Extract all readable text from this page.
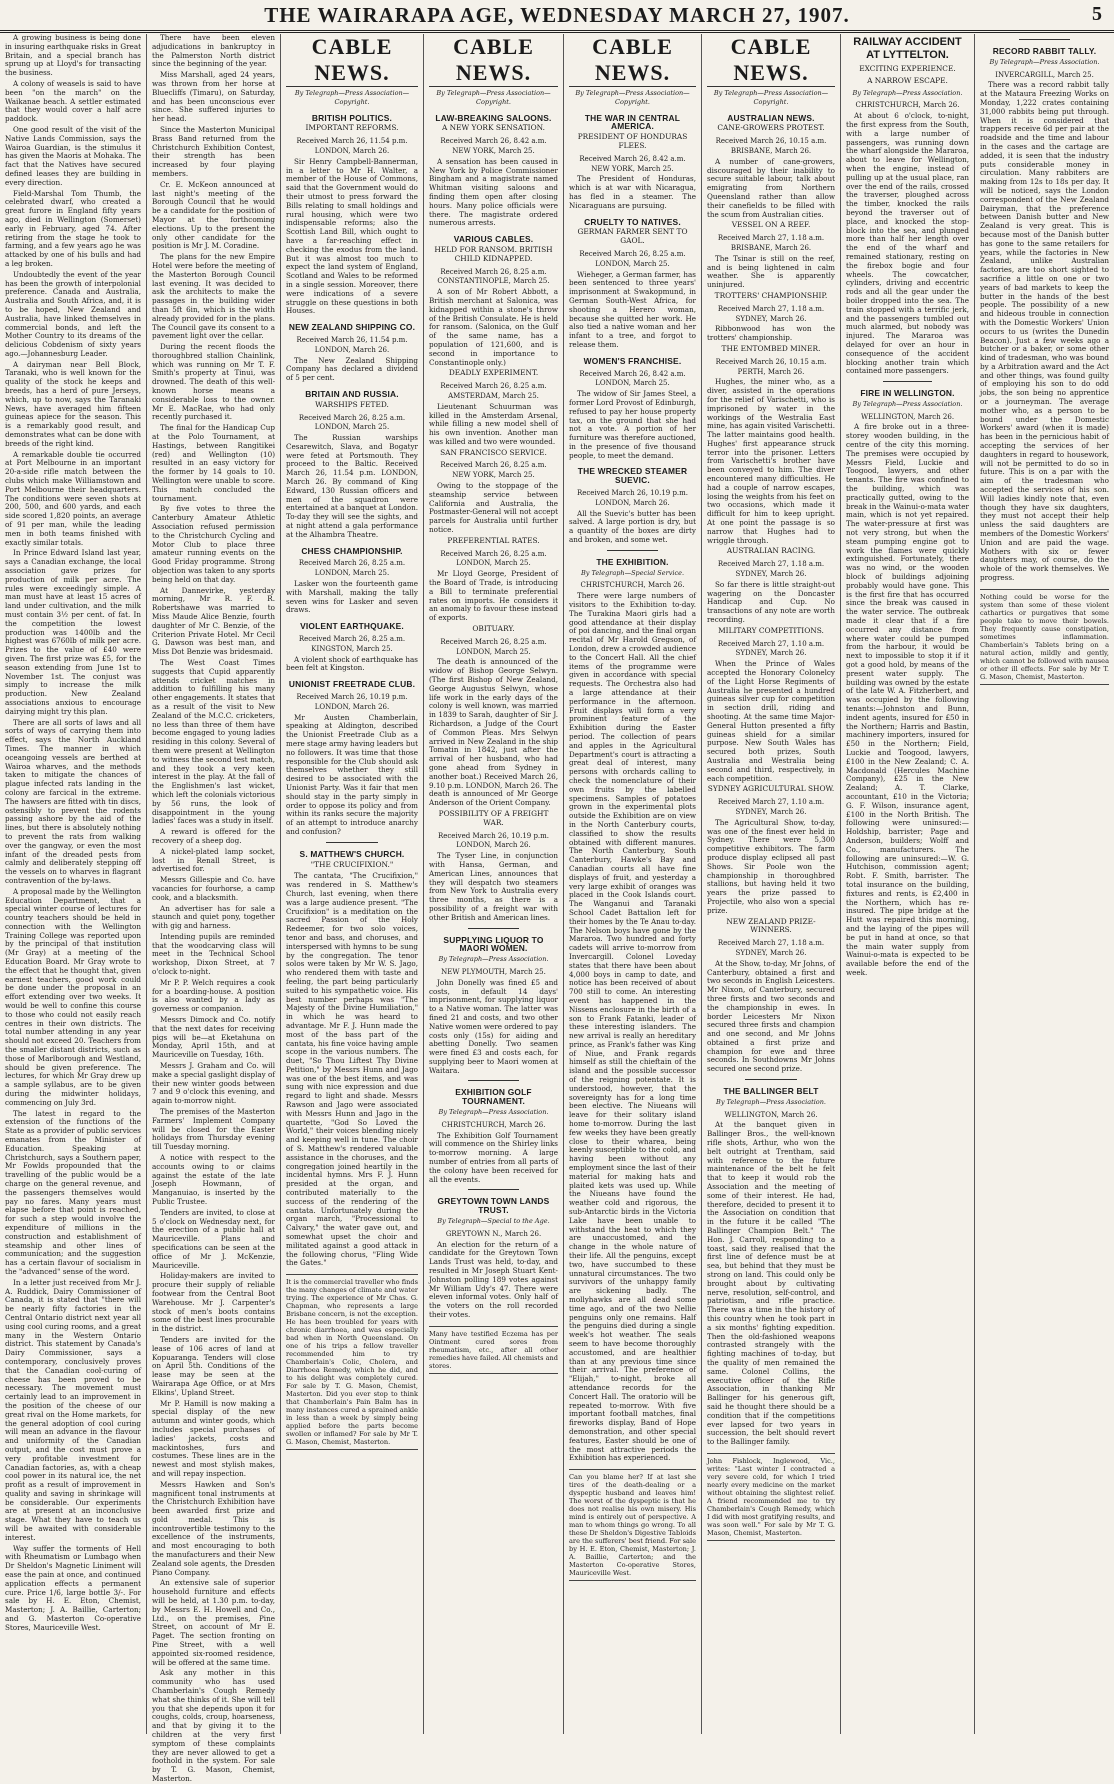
THE WAIRARAPA AGE, WEDNESDAY MARCH 27, 1907.	5

A growing business is being done in insuring earthquake risks in Great Britain, and a special branch has sprung up at Lloyd's for transacting the business.

A colony of weasels is said to have been "on the march" on the Waikanae beach. A settler estimated that they would cover a half acre paddock.

One good result of the visit of the Native Lands Commission, says the Wairoa Guardian, is the stimulus it has given the Maoris at Mohaka. The fact that the Natives have secured defined leases they are building in every direction.

Field-Marshal Tom Thumb, the celebrated dwarf, who created a great furore in England fifty years ago, died in Wellington (Somerset) early in February, aged 74. After retiring from the stage he took to farming, and a few years ago he was attacked by one of his bulls and had a leg broken.

Undoubtedly the event of the year has been the growth of interpolonial preference. Canada and Australia, Australia and South Africa, and, it is to be hoped, New Zealand and Australia, have linked themselves in commercial bonds, and left the Mother Country to its dreams of the delicious Cobdenism of sixty years ago.—Johannesburg Leader.

A dairyman near Bell Block, Taranaki, who is well known for the quality of the stock he keeps and breeds, has a herd of pure Jerseys, which, up to now, says the Taranaki News, have averaged him fifteen guineas apiece for the season. This is a remarkably good result, and demonstrates what can be done with breeds of the right kind.

A remarkable double tie occurred at Port Melbourne in an important 20-a-side rifle match between the clubs which make Williamstown and Port Melbourne their headquarters. The conditions were seven shots at 200, 500, and 600 yards, and each side scored 1,820 points, an average of 91 per man, while the leading men in both teams finished with exactly similar totals.

In Prince Edward Island last year, says a Canadian exchange, the local association gave prizes for production of milk per acre. The rules were exceedingly simple. A man must have at least 15 acres of land under cultivation, and the milk must contain 3½ per cent. of fat. In the competition the lowest production was 1400lb and the highest was 6760lb of milk per acre. Prizes to the value of £40 were given. The first prize was £5, for the season extending from June 1st to November 1st. The conjust was simply to increase the milk production. New Zealand associations anxious to encourage dairying might try this plan.

There are all sorts of laws and all sorts of ways of carrying them into effect, says the North Auckland Times. The manner in which oceangoing vessels are berthed at Wairoa wharves, and the methods taken to mitigate the chances of plague infected rats landing in the colony are farcical in the extreme. The hawsers are fitted with tin discs, ostensibly to prevent the rodents passing ashore by the aid of the lines, but there is absolutely nothing to prevent the rats from walking over the gangway, or even the most infant of the dreaded pests from calmly and deliberately stepping off the vessels on to wharves in flagrant contravention of the by-laws.

A proposal made by the Wellington Education Department, that a special winter course of lectures for country teachers should be held in connection with the Wellington Training College was reported upon by the principal of that institution (Mr Gray) at a meeting of the Education Board. Mr Gray wrote to the effect that he thought that, given earnest teachers, good work could be done under the proposal in an effort extending over two weeks. It would be well to confine this course to those who could not easily reach centres in their own districts. The total number attending in any year should not exceed 20. Teachers from the smaller distant districts, such as those of Marlborough and Westland, should be given preference. The lectures, for which Mr Gray drew up a sample syllabus, are to be given during the midwinter holidays, commencing on July 3rd.

The latest in regard to the extension of the functions of the State as a provider of public services emanates from the Minister of Education. Speaking at Christchurch, says a Southern paper, Mr Fowlds propounded that the travelling of the public would be a charge on the general revenue, and the passengers themselves would pay no fares. Many years must elapse before that point is reached, for such a step would involve the expenditure of millions in the construction and establishment of steamship and other lines of communication; and the suggestion has a certain flavour of socialism in the "advanced" sense of the word.

In a letter just received from Mr J. A. Ruddick, Dairy Commissioner of Canada, it is stated that "there will be nearly fifty factories in the Central Ontario district next year all using cool curing rooms, and a great many in the Western Ontario district. This statement by Canada's Dairy Commissioner, says a contemporary, conclusively proves that the Canadian cool-curing of cheese has been proved to be necessary. The movement must certainly lead to an improvement in the position of the cheese of our great rival on the Home markets, for the general adoption of cool curing will mean an advance in the flavour and uniformity of the Canadian output, and the cost must prove a very profitable investment for Canadian factories, as, with a cheap cool power in its natural ice, the net profit as a result of improvement in quality and saving in shrinkage will be considerable. Our experiments are at present at an inconclusive stage. What they have to teach us will be awaited with considerable interest.

Way suffer the torments of Hell with Rheumatism or Lumbago when Dr Sheldon's Magnetic Liniment will ease the pain at once, and continued application effects a permanent cure. Price 1/6, large bottle 3/-. For sale by H. E. Eton, Chemist, Masterton; J. A. Baillie, Carterton; and G. Masterton Co-operative Stores, Mauriceville West.

There have been eleven adjudications in bankruptcy in the Palmerston North district since the beginning of the year.

Miss Marshall, aged 24 years, was thrown from her horse at Bluecliffs (Timaru), on Saturday, and has been unconscious ever since. She suffered injuries to her head.

Since the Masterton Municipal Brass Band returned from the Christchurch Exhibition Contest, their strength has been increased by four playing members.

Cr. E. McKeon announced at last night's meeting of the Borough Council that he would be a candidate for the position of Mayor at the forthcoming elections. Up to the present the only other candidate for the position is Mr J. M. Coradine.

The plans for the new Empire Hotel were before the meeting of the Masterton Borough Council last evening. It was decided to ask the architects to make the passages in the building wider than 5ft 6in, which is the width already provided for in the plans. The Council gave its consent to a pavement light over the cellar.

During the recent floods the thoroughbred stallion Chainlink, which was running on Mr T. F. Smith's property at Tinui, was drowned. The death of this well-known horse means a considerable loss to the owner. Mr E. MacRae, who had only recently purchased it.

The final for the Handicap Cup at the Polo Tournament, at Hastings, between Rangitikei (red) and Wellington (10) resulted in an easy victory for the former by 14 goals to 10. Wellington were unable to score. This match concluded the tournament.

By five votes to three the Canterbury Amateur Athletic Association refused permission to the Christchurch Cycling and Motor Club to place three amateur running events on the Good Friday programme. Strong objection was taken to any sports being held on that day.

At Dannevirke, yesterday morning, Mr R. F. R. Robertshawe was married to Miss Maude Alice Benzie, fourth daughter of Mr C. Benzie, of the Criterion Private Hotel. Mr Cecil G. Dawson was best man, and Miss Dot Benzie was bridesmaid.

The West Coast Times suggests that Cupid apparently attends cricket matches in addition to fulfilling his many other engagements. It states that as a result of the visit to New Zealand of the M.C.C. cricketers, no less than three of them have become engaged to young ladies residing in this colony. Several of them were present at Wellington to witness the second test match, and they took a very keen interest in the play. At the fall of the Englishmen's last wicket, which left the colonials victorious by 56 runs, the look of disappointment in the young ladies' faces was a study in itself.

A reward is offered for the recovery of a sheep dog.

A nickel-plated lamp socket, lost in Renall Street, is advertised for.

Messrs Gillespie and Co. have vacancies for fourhorse, a camp cook, and a blacksmith.

An advertiser has for sale a staunch and quiet pony, together with gig and harness.

Intending pupils are reminded that the woodcarving class will meet in the Technical School workshop, Dixon Street, at 7 o'clock to-night.

Mr P. P. Welch requires a cook for a boarding-house. A position is also wanted by a lady as governess or companion.

Messrs Dimock and Co. notify that the next dates for receiving pigs will be—at Eketahuna on Monday, April 15th, and at Mauriceville on Tuesday, 16th.

Messrs J. Graham and Co. will make a special gaslight display of their new winter goods between 7 and 9 o'clock this evening, and again to-morrow night.

The premises of the Masterton Farmers' Implement Company will be closed for the Easter holidays from Thursday evening till Tuesday morning.

A notice with respect to the accounts owing to or claims against the estate of the late Joseph Howmann, of Manganuiao, is inserted by the Public Trustee.

Tenders are invited, to close at 5 o'clock on Wednesday next, for the erection of a public hall at Mauriceville. Plans and specifications can be seen at the office of Mr J. McKenzie, Mauriceville.

Holiday-makers are invited to procure their supply of reliable footwear from the Central Boot Warehouse. Mr J. Carpenter's stock of men's boots contains some of the best lines procurable in the district.

Tenders are invited for the lease of 106 acres of land at Kopuaranga. Tenders will close on April 5th. Conditions of the lease may be seen at the Wairarapa Age Office, or at Mrs Elkins', Upland Street.

Mr P. Hamill is now making a special display of the new autumn and winter goods, which includes special purchases of ladies' jackets, costs and mackintoshes, furs and costumes. These lines are in the newest and most stylish makes, and will repay inspection.

Messrs Hawken and Son's magnificent tonal instruments at the Christchurch Exhibition have been awarded first prize and gold medal. This is incontrovertible testimony to the excellence of the instruments, and most encouraging to both the manufacturers and their New Zealand sole agents, the Dresden Piano Company.

An extensive sale of superior household furniture and effects will be held, at 1.30 p.m. to-day, by Messrs E. H. Howell and Co., Ltd., on the premises, Pine Street, on account of Mr E. Paget. The section fronting on Pine Street, with a well appointed six-roomed residence, will be offered at the same time.

Ask any mother in this community who has used Chamberlain's Cough Remedy what she thinks of it. She will tell you that she depends upon it for coughs, colds, croup, hoarseness, and that by giving it to the children at the very first symptom of these complaints they are never allowed to get a foothold in the system. For sale by T. G. Mason, Chemist, Masterton.

CABLE NEWS.
By Telegraph—Press Association—Copyright.
BRITISH POLITICS.
IMPORTANT REFORMS.
Received March 26, 11.54 p.m.
LONDON, March 26.

Sir Henry Campbell-Bannerman, in a letter to Mr H. Walter, a member of the House of Commons, said that the Government would do their utmost to press forward the Bills relating to small holdings and rural housing, which were two indispensable reforms; also the Scottish Land Bill, which ought to have a far-reaching effect in checking the exodus from the land. But it was almost too much to expect the land system of England, Scotland and Wales to be reformed in a single session. Moreover, there were indications of a severe struggle on these questions in both Houses.

NEW ZEALAND SHIPPING CO.
Received March 26, 11.54 p.m.
LONDON, March 26.

The New Zealand Shipping Company has declared a dividend of 5 per cent.

BRITAIN AND RUSSIA.
WARSHIPS FETED.
Received March 26, 8.25 a.m.
LONDON, March 25.

The Russian warships Cesarewitch, Slava, and Bogatyr were feted at Portsmouth. They proceed to the Baltic. Received March 26, 11.54 p.m. LONDON, March 26. By command of King Edward, 130 Russian officers and men of the squadron were entertained at a banquet at London. To-day they will see the sights, and at night attend a gala performance at the Alhambra Theatre.

CHESS CHAMPIONSHIP.
Received March 26, 8.25 a.m.
LONDON, March 25.

Lasker won the fourteenth game with Marshall, making the tally seven wins for Lasker and seven draws.

VIOLENT EARTHQUAKE.
Received March 26, 8.25 a.m.
KINGSTON, March 25.

A violent shock of earthquake has been felt at Kingston.

UNIONIST FREETRADE CLUB.
Received March 26, 10.19 p.m.
LONDON, March 26.

Mr Austen Chamberlain, speaking at Aldington, described the Unionist Freetrade Club as a mere stage army having leaders but no followers. It was time that those responsible for the Club should ask themselves whether they still desired to be associated with the Unionist Party. Was it fair that men should stay in the party simply in order to oppose its policy and from within its ranks secure the majority of an attempt to introduce anarchy and confusion?

S. MATTHEW'S CHURCH.
"THE CRUCIFIXION."

The cantata, "The Crucifixion," was rendered in S. Matthew's Church, last evening, when there was a large audience present. "The Crucifixion" is a meditation on the sacred Passion of the Holy Redeemer, for two solo voices, tenor and bass, and choruses, and interspersed with hymns to be sung by the congregation. The tenor solos were taken by Mr W. S. Jago, who rendered them with taste and feeling, the part being particularly suited to his sympathetic voice. His best number perhaps was "The Majesty of the Divine Humiliation," in which he was heard to advantage. Mr F. J. Hunn made the most of the bass part of the cantata, his fine voice having ample scope in the various numbers. The duet, "So Thou Liftest Thy Divine Petition," by Messrs Hunn and Jago was one of the best items, and was sung with nice expression and due regard to light and shade. Messrs Rawson and Jago were associated with Messrs Hunn and Jago in the quartette, "God So Loved the World," their voices blending nicely and keeping well in tune. The choir of S. Matthew's rendered valuable assistance in the choruses, and the congregation joined heartily in the incidental hymns. Mrs F. J. Hunn presided at the organ, and contributed materially to the success of the rendering of the cantata. Unfortunately during the organ march, "Processional to Calvary," the water gave out, and somewhat upset the choir and militated against a good attack in the following chorus, "Fling Wide the Gates."

It is the commercial traveller who finds the many changes of climate and water trying. The experience of Mr Chas. G. Chapman, who represents a large Brisbane concern, is not the exception. He has been troubled for years with chronic diarrhoea, and was especially bad when in North Queensland. On one of his trips a fellow traveller recommended him to try Chamberlain's Colic, Cholera, and Diarrhoea Remedy, which he did, and to his delight was completely cured. For sale by T. G. Mason, Chemist, Masterton. Did you ever stop to think that Chamberlain's Pain Balm has in many instances cured a sprained ankle in less than a week by simply being applied before the parts become swollen or inflamed? For sale by Mr T. G. Mason, Chemist, Masterton.
CABLE NEWS.
By Telegraph—Press Association—Copyright.
LAW-BREAKING SALOONS.
A NEW YORK SENSATION.
Received March 26, 8.42 a.m.
NEW YORK, March 25.

A sensation has been caused in New York by Police Commissioner Bingham and a magistrate named Whitman visiting saloons and finding them open after closing hours. Many police officials were there. The magistrate ordered numerous arrests.

VARIOUS CABLES.
HELD FOR RANSOM. BRITISH CHILD KIDNAPPED.
Received March 26, 8.25 a.m.
CONSTANTINOPLE, March 25.

A son of Mr Robert Abbott, a British merchant at Salonica, was kidnapped within a stone's throw of the British Consulate. He is held for ransom. (Salonica, on the Gulf of the same name, has a population of 121,600, and is second in importance to Constantinople only.)

DEADLY EXPERIMENT.
Received March 26, 8.25 a.m.
AMSTERDAM, March 25.

Lieutenant Schuurman was killed in the Amsterdam Arsenal, while filling a new model shell of his own invention. Another man was killed and two were wounded.

SAN FRANCISCO SERVICE.
Received March 26, 8.25 a.m.
NEW YORK, March 25.

Owing to the stoppage of the steamship service between California and Australia, the Postmaster-General will not accept parcels for Australia until further notice.

PREFERENTIAL RATES.
Received March 26, 8.25 a.m.
LONDON, March 25.

Mr Lloyd George, President of the Board of Trade, is introducing a Bill to terminate preferential rates on imports. He considers it an anomaly to favour these instead of exports.

OBITUARY.
Received March 26, 8.25 a.m.
LONDON, March 25.

The death is announced of the widow of Bishop George Selwyn. (The first Bishop of New Zealand, George Augustus Selwyn, whose life work in the early days of the colony is well known, was married in 1839 to Sarah, daughter of Sir J. Richardson, a Judge of the Court of Common Pleas. Mrs Selwyn arrived in New Zealand in the ship Tomatin in 1842, just after the arrival of her husband, who had gone ahead from Sydney in another boat.) Received March 26, 9.10 p.m. LONDON, March 26. The death is announced of Mr George Anderson of the Orient Company.

POSSIBILITY OF A FREIGHT WAR.
Received March 26, 10.19 p.m.
LONDON, March 26.

The Tyser Line, in conjunction with Hansa, German, and American Lines, announces that they will despatch two steamers from New York to Australia every three months, as there is a possibility of a freight war with other British and American lines.

SUPPLYING LIQUOR TO MAORI WOMEN.
By Telegraph—Press Association.
NEW PLYMOUTH, March 25.

John Donelly was fined £5 and costs, in default 14 days' imprisonment, for supplying liquor to a Native woman. The latter was fined 21 and costs, and two other Native women were ordered to pay costs only (15s) for aiding and abetting Donelly. Two seamen were fined £3 and costs each, for supplying beer to Maori women at Waitara.

EXHIBITION GOLF TOURNAMENT.
By Telegraph—Press Association.
CHRISTCHURCH, March 26.

The Exhibition Golf Tournament will commence on the Shirley links to-morrow morning. A large number of entries from all parts of the colony have been received for all the events.

GREYTOWN TOWN LANDS TRUST.
By Telegraph—Special to the Age.
GREYTOWN N., March 26.

An election for the return of a candidate for the Greytown Town Lands Trust was held, to-day, and resulted in Mr Joseph Stuart Kent-Johnston polling 189 votes against Mr William Udy's 47. There were eleven informal votes. Only half of the voters on the roll recorded their votes.

Many have testified Eczema has per Ointment cured sores from rheumatism, etc., after all other remedies have failed. All chemists and stores.
CABLE NEWS.
By Telegraph—Press Association—Copyright.
THE WAR IN CENTRAL AMERICA.
PRESIDENT OF HONDURAS FLEES.
Received March 26, 8.42 a.m.
NEW YORK, March 25.

The President of Honduras, which is at war with Nicaragua, has fled in a steamer. The Nicaraguans are pursuing.

CRUELTY TO NATIVES.
GERMAN FARMER SENT TO GAOL.
Received March 26, 8.25 a.m.
LONDON, March 25.

Wieheger, a German farmer, has been sentenced to three years' imprisonment at Swakopmund, in German South-West Africa, for shooting a Herero woman, because she quitted her work. He also tied a native woman and her infant to a tree, and forgot to release them.

WOMEN'S FRANCHISE.
Received March 26, 8.42 a.m.
LONDON, March 25.

The widow of Sir James Steel, a former Lord Provost of Edinburgh, refused to pay her house property tax, on the ground that she had not a vote. A portion of her furniture was therefore auctioned, in the presence of five thousand people, to meet the demand.

THE WRECKED STEAMER SUEVIC.
Received March 26, 10.19 p.m.
LONDON, March 26.

All the Suevic's butter has been salved. A large portion is dry, but a quantity of the boxes are dirty and broken, and some wet.

THE EXHIBITION.
By Telegraph—Special Service.
CHRISTCHURCH, March 26.

There were large numbers of visitors to the Exhibition to-day. The Turakina Maori girls had a good attendance at their display of poi dancing, and the final organ recital of Mr Harold Gregson, of London, drew a crowded audience to the Concert Hall. All the chief items of the programme were given in accordance with special requests. The Orchestra also had a large attendance at their performance in the afternoon. Fruit displays will form a very prominent feature of the Exhibition during the Easter period. The collection of pears and apples in the Agricultural Department's court is attracting a great deal of interest, many persons with orchards calling to check the nomenclature of their own fruits by the labelled specimens. Samples of potatoes grown in the experimental plots outside the Exhibition are on view in the North Canterbury courts, classified to show the results obtained with different manures. The North Canterbury, South Canterbury, Hawke's Bay and Canadian courts all have fine displays of fruit, and yesterday a very large exhibit of oranges was placed in the Cook Islands court. The Wanganui and Taranaki School Cadet Battalion left for their homes by the Te Anau to-day. The Nelson boys have gone by the Mararoa. Two hundred and forty cadets will arrive to-morrow from Invercargill. Colonel Loveday states that there have been about 4,000 boys in camp to date, and notice has been received of about 700 still to come. An interesting event has happened in the Nissens enclosure in the birth of a son to Frank Fatanki, leader of these interesting islanders. The new arrival is really an hereditary prince, as Frank's father was King of Niue, and Frank regards himself as still the chieftain of the island and the possible successor of the reigning potentate. It is understood, however, that the sovereignty has for a long time been elective. The Niueans will leave for their solitary island home to-morrow. During the last few weeks they have been greatly close to their wharea, being keenly susceptible to the cold, and having been without any employment since the last of their material for making hats and plaited kets was used up. While the Niueans have found the weather cold and rigorous, the sub-Antarctic birds in the Victoria Lake have been unable to withstand the heat to which they are unaccustomed, and the change in the whole nature of their life. All the penguins, except two, have succumbed to these unnatural circumstances. The two survivors of the unhappy family are sickening badly. The mollyhawks are all dead some time ago, and of the two Nellie penguins only one remains. Half the penguins died during a single week's hot weather. The seals seem to have become thoroughly accustomed, and are healthier than at any previous time since their arrival. The preference of "Elijah," to-night, broke all attendance records for the Concert Hall. The oratorio will be repeated to-morrow. With five important football matches, final fireworks display, Band of Hope demonstration, and other special features, Easter should be one of the most attractive periods the Exhibition has experienced.

Can you blame her? If at last she tires of the death-dealing or a dyspeptic husband and leaves him! The worst of the dyspeptic is that he does not realise his own misery. His mind is entirely out of perspective. A man to whom things go wrong. To all these Dr Sheldon's Digestive Tabloids are the sufferers' best friend. For sale by H. E. Eton, Chemist, Masterton; J. A. Baillie, Carterton; and the Masterton Co-operative Stores, Mauriceville West.
CABLE NEWS.
By Telegraph—Press Association—Copyright.
AUSTRALIAN NEWS.
CANE-GROWERS PROTEST.
Received March 26, 10.15 a.m.
BRISBANE, March 26.

A number of cane-growers, discouraged by their inability to secure suitable labour, talk about emigrating from Northern Queensland rather than allow their canefields to be filled with the scum from Australian cities.

VESSEL ON A REEF.
Received March 27, 1.18 a.m.
BRISBANE, March 26.

The Tsinar is still on the reef, and is being lightened in calm weather. She is apparently uninjured.

TROTTERS' CHAMPIONSHIP.
Received March 27, 1.18 a.m.
SYDNEY, March 26.

Ribbonwood has won the trotters' championship.

THE ENTOMBED MINER.
Received March 26, 10.15 a.m.
PERTH, March 26.

Hughes, the miner who, as a diver, assisted in the operations for the relief of Varischetti, who is imprisoned by water in the workings of the Westralia East mine, has again visited Varischetti. The latter maintains good health. Hughes' first appearance struck terror into the prisoner. Letters from Varischetti's brother have been conveyed to him. The diver encountered many difficulties. He had a couple of narrow escapes, losing the weights from his feet on two occasions, which made it difficult for him to keep upright. At one point the passage is so narrow that Hughes had to wriggle through.

AUSTRALIAN RACING.
Received March 27, 1.18 a.m.
SYDNEY, March 26.

So far there is little straight-out wagering on the Doncaster Handicap and Cup. No transactions of any note are worth recording.

MILITARY COMPETITIONS.
Received March 27, 1.10 a.m.
SYDNEY, March 26.

When the Prince of Wales accepted the Honorary Colonelcy of the Light Horse Regiments of Australia he presented a hundred guineas silver cup for competition in section drill, riding and shooting. At the same time Major-General Hutton presented a fifty guineas shield for a similar purpose. New South Wales has secured both prizes, South Australia and Westralia being second and third, respectively, in each competition.

SYDNEY AGRICULTURAL SHOW.
Received March 27, 1.10 a.m.
SYDNEY, March 26.

The Agricultural Show, to-day, was one of the finest ever held in Sydney. There were 5,300 competitive exhibitors. The farm produce display eclipsed all past Shows. Sir Poole won the championship in thoroughbred stallions, but having held it two years the prize passed to Projectile, who also won a special prize.

NEW ZEALAND PRIZE-WINNERS.
Received March 27, 1.18 a.m.
SYDNEY, March 26.

At the Show, to-day, Mr Johns, of Canterbury, obtained a first and two seconds in English Leicesters. Mr Nixon, of Canterbury, secured three firsts and two seconds and the championship in ewes. In border Leicesters Mr Nixon secured three firsts and champion and one second, and Mr Johns obtained a first prize and champion for ewe and three seconds. In Southdowns Mr Johns secured one second prize.

THE BALLINGER BELT
By Telegraph—Press Association.
WELLINGTON, March 26.

At the banquet given in Ballinger Bros., the well-known rifle shots, Arthur, who won the belt outright at Trentham, said with reference to the future maintenance of the belt he felt that to keep it would rob the Association and the meeting of some of their interest. He had, therefore, decided to present it to the Association on condition that in the future it be called "The Ballinger Champion Belt." The Hon. J. Carroll, responding to a toast, said they realised that the first line of defence must be at sea, but behind that they must be strong on land. This could only be brought about by cultivating nerve, resolution, self-control, and patriotism, and rifle practice. There was a time in the history of this country when he took part in a six months' fighting expedition. Then the old-fashioned weapons contrasted strangely with the fighting machines of to-day, but the quality of men remained the same. Colonel Collins, the executive officer of the Rifle Association, in thanking Mr Ballinger for his generous gift, said he thought there should be a condition that if the competitions ever lapsed for two years in succession, the belt should revert to the Ballinger family.

John Fishlock, Inglewood, Vic., writes: "Last winter I contracted a very severe cold, for which I tried nearly every medicine on the market without obtaining the slightest relief. A friend recommended me to try Chamberlain's Cough Remedy, which I did with most gratifying results, and was soon well." For sale by Mr T. G. Mason, Chemist, Masterton.
RAILWAY ACCIDENT AT LYTTELTON.
EXCITING EXPERIENCE.
A NARROW ESCAPE.
By Telegraph—Press Association.
CHRISTCHURCH, March 26.

At about 6 o'clock, to-night, the first express from the South, with a large number of passengers, was running down the wharf alongside the Mararoa, about to leave for Wellington, when the engine, instead of pulling up at the usual place, ran over the end of the rails, crossed the traverser, ploughed across the timber, knocked the rails beyond the traverser out of place, and knocked the stop-block into the sea, and plunged more than half her length over the end of the wharf and remained stationary, resting on the firebox bogie and four wheels. The cowcatcher, cylinders, driving and eccentric rods and all the gear under the boiler dropped into the sea. The train stopped with a terrific jerk, and the passengers tumbled out much alarmed, but nobody was injured. The Mararoa was delayed for over an hour in consequence of the accident blocking another train which contained more passengers.

FIRE IN WELLINGTON.
By Telegraph—Press Association.
WELLINGTON, March 26.

A fire broke out in a three-storey wooden building, in the centre of the city this morning. The premises were occupied by Messrs Field, Luckie and Toogood, lawyers, and other tenants. The fire was confined to the building, which was practically gutted, owing to the break in the Wainui-o-mata water main, which is not yet repaired. The water-pressure at first was not very strong, but when the steam pumping engine got to work the flames were quickly extinguished. Fortunately, there was no wind, or the wooden block of buildings adjoining probably would have gone. This is the first fire that has occurred since the break was caused in the water service. The outbreak made it clear that if a fire occurred any distance from where water could be pumped from the harbour, it would be next to impossible to stop it if it got a good hold, by means of the present water supply. The building was owned by the estate of the late W. A. Fitzherbert, and was occupied by the following tenants:—Johnston and Bunn, indent agents, insured for £50 in the Northern; Harris and Bastin, machinery importers, insured for £50 in the Northern; Field, Luckie and Toogood, lawyers, £100 in the New Zealand; C. A. Macdonald (Hercules Machine Company), £25 in the New Zealand; A. T. Clarke, accountant, £10 in the Victoria; G. F. Wilson, insurance agent, £100 in the North British. The following were uninsured:—Holdship, barrister; Page and Anderson, builders; Wolff and Co., manufacturers. The following are uninsured:—W. G. Hutchison, commission agent; Robt. F. Smith, barrister. The total insurance on the building, fixtures and rents, is £2,400 in the Northern, which has re-insured. The pipe bridge at the Hutt was repaired this morning, and the laying of the pipes will be put in hand at once, so that the main water supply from Wainui-o-mata is expected to be available before the end of the week.

RECORD RABBIT TALLY.
By Telegraph—Press Association.
INVERCARGILL, March 25.

There was a record rabbit tally at the Mataura Freezing Works on Monday, 1,222 crates containing 31,000 rabbits being put through. When it is considered that trappers receive 6d per pair at the roadside and the time and labour in the cases and the cartage are added, it is seen that the industry puts considerable money in circulation. Many rabbiters are making from 12s to 18s per day. It will be noticed, says the London correspondent of the New Zealand Dairyman, that the preference between Danish butter and New Zealand is very great. This is because most of the Danish butter has gone to the same retailers for years, while the factories in New Zealand, unlike Australian factories, are too short sighted to sacrifice a little on one or two years of bad markets to keep the butter in the hands of the best people. The possibility of a new and hideous trouble in connection with the Domestic Workers' Union occurs to us (writes the Dunedin Beacon). Just a few weeks ago a butcher or a baker, or some other kind of tradesman, who was bound by a Arbitration award and the Act and other things, was found guilty of employing his son to do odd jobs, the son being no apprentice or a journeyman. The average mother who, as a person to be bound under the Domestic Workers' award (when it is made) has been in the pernicious habit of accepting the services of her daughters in regard to housework, will not be permitted to do so in future. This is on a par with the aim of the tradesman who accepted the services of his son. Will ladies kindly note that, even though they have six daughters, they must not accept their help unless the said daughters are members of the Domestic Workers' Union and are paid the wage. Mothers with six or fewer daughters may, of course, do the whole of the work themselves. We progress.

Nothing could be worse for the system than some of these violent cathartics or purgatives that some people take to move their bowels. They frequently cause constipation, sometimes inflammation. Chamberlain's Tablets bring on a natural action, mildly and gently, which cannot be followed with nausea or other ill effects. For sale by Mr T. G. Mason, Chemist, Masterton.
